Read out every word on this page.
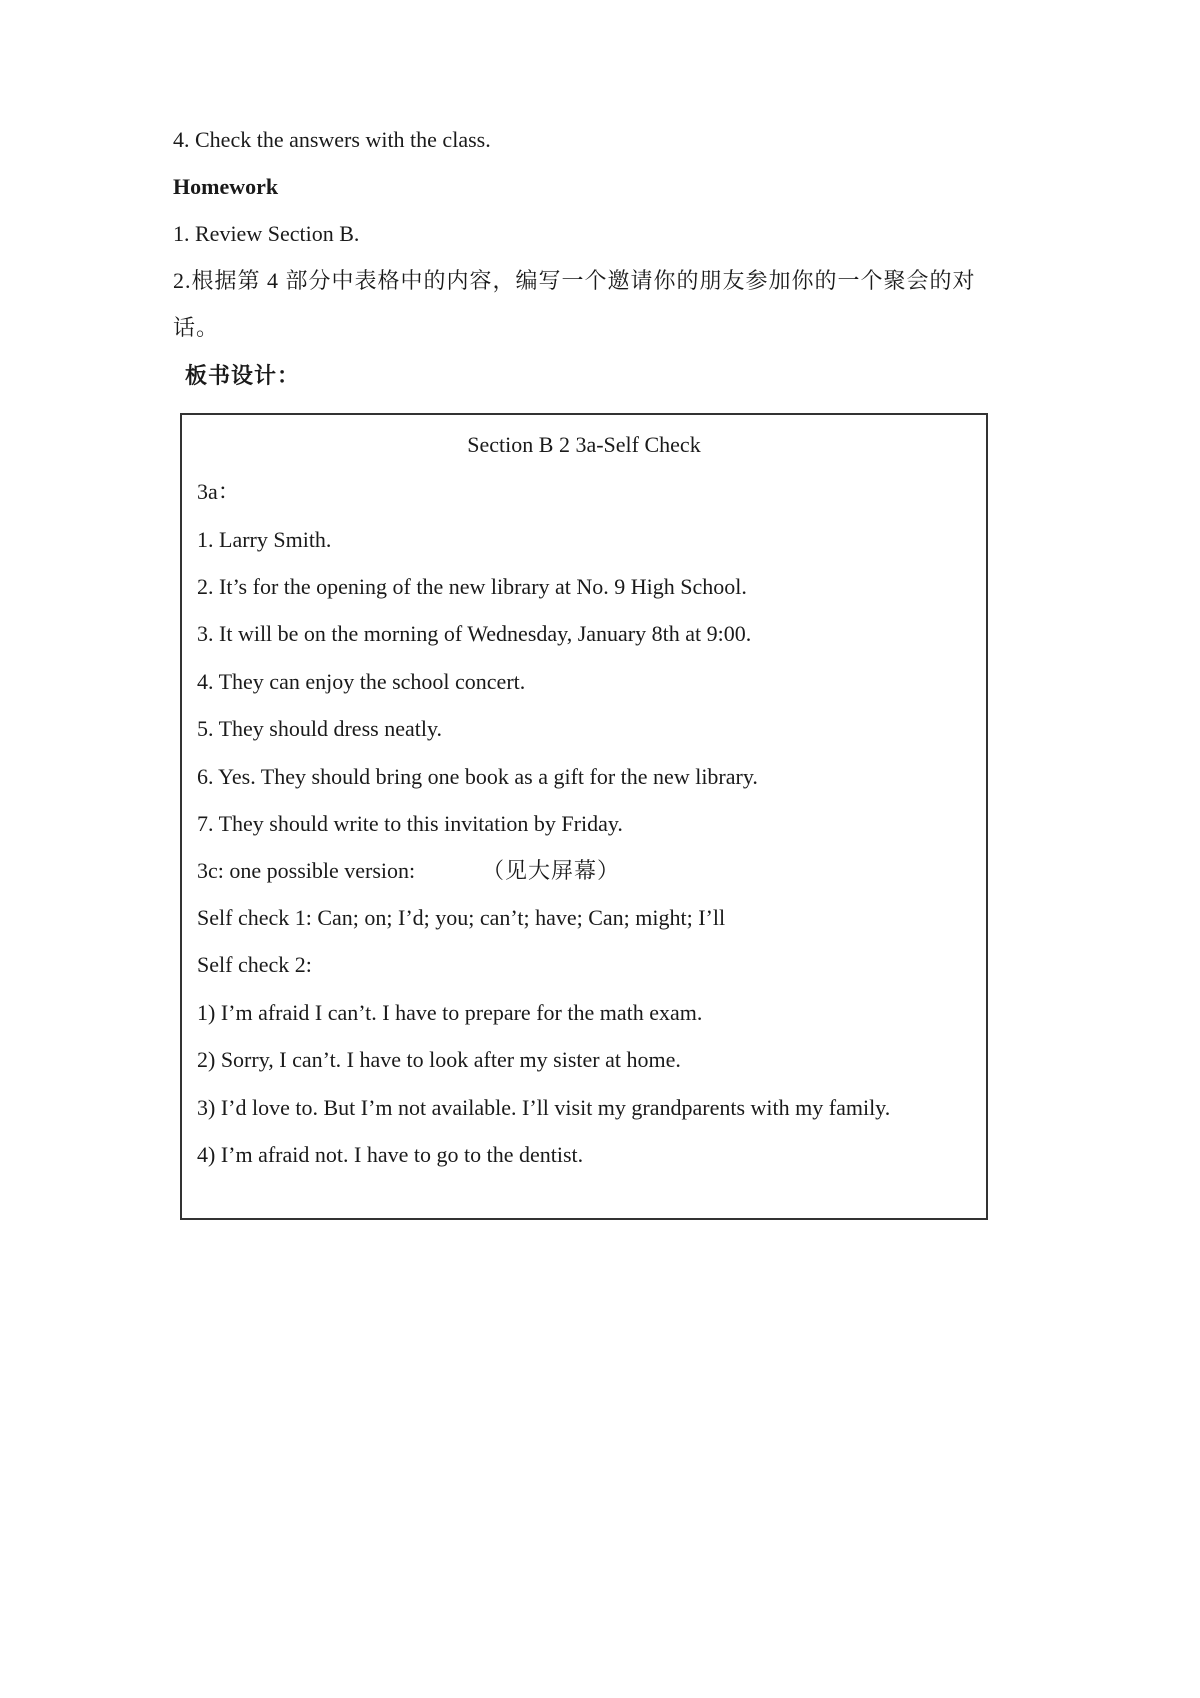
4. Check the answers with the class.
Homework
1. Review Section B.
2.根据第 4 部分中表格中的内容，编写一个邀请你的朋友参加你的一个聚会的对
话。
板书设计：
Section B 2 3a-Self Check
3a：
1. Larry Smith.
2. It’s for the opening of the new library at No. 9 High School.
3. It will be on the morning of Wednesday, January 8th at 9:00.
4. They can enjoy the school concert.
5. They should dress neatly.
6. Yes. They should bring one book as a gift for the new library.
7. They should write to this invitation by Friday.
3c: one possible version:	（见大屏幕）
Self check 1: Can; on; I’d; you; can’t; have; Can; might; I’ll
Self check 2:
1) I’m afraid I can’t. I have to prepare for the math exam.
2) Sorry, I can’t. I have to look after my sister at home.
3) I’d love to. But I’m not available. I’ll visit my grandparents with my family.
4) I’m afraid not. I have to go to the dentist.
